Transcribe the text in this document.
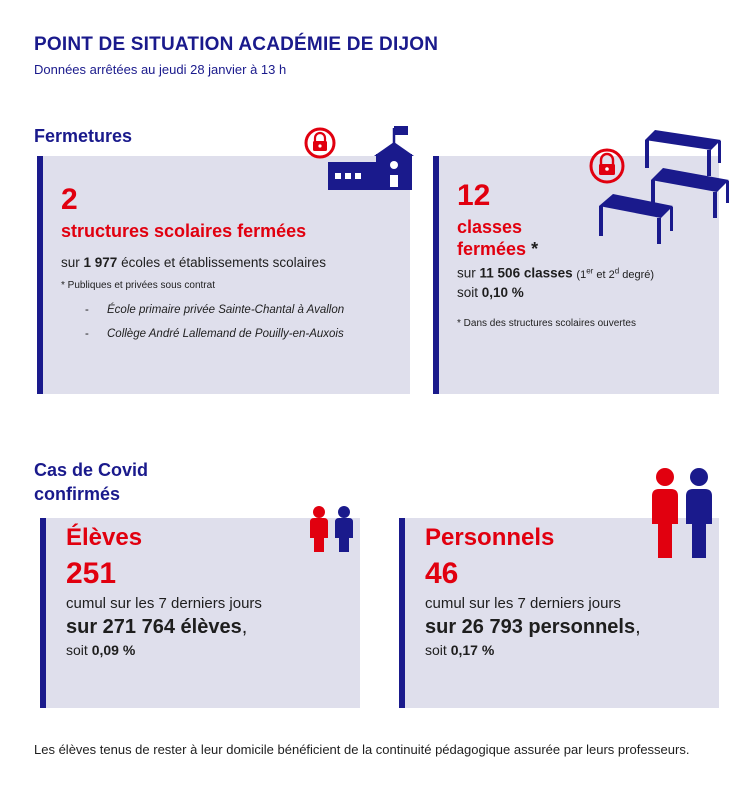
POINT DE SITUATION ACADÉMIE DE DIJON
Données arrêtées au jeudi 28 janvier à 13 h
Fermetures
2
structures scolaires fermées
sur 1 977 écoles et établissements scolaires
* Publiques et privées sous contrat
- École primaire privée Sainte-Chantal à Avallon
- Collège André Lallemand de Pouilly-en-Auxois
12
classes
fermées *
sur 11 506 classes (1er et 2$^d$ degré)
soit 0,10 %
* Dans des structures scolaires ouvertes
Cas de Covid
confirmés
Élèves
251
cumul sur les 7 derniers jours
sur 271 764 élèves,
soit 0,09 %
Personnels
46
cumul sur les 7 derniers jours
sur 26 793 personnels,
soit 0,17 %
Les élèves tenus de rester à leur domicile bénéficient de la continuité pédagogique assurée par leurs professeurs.
